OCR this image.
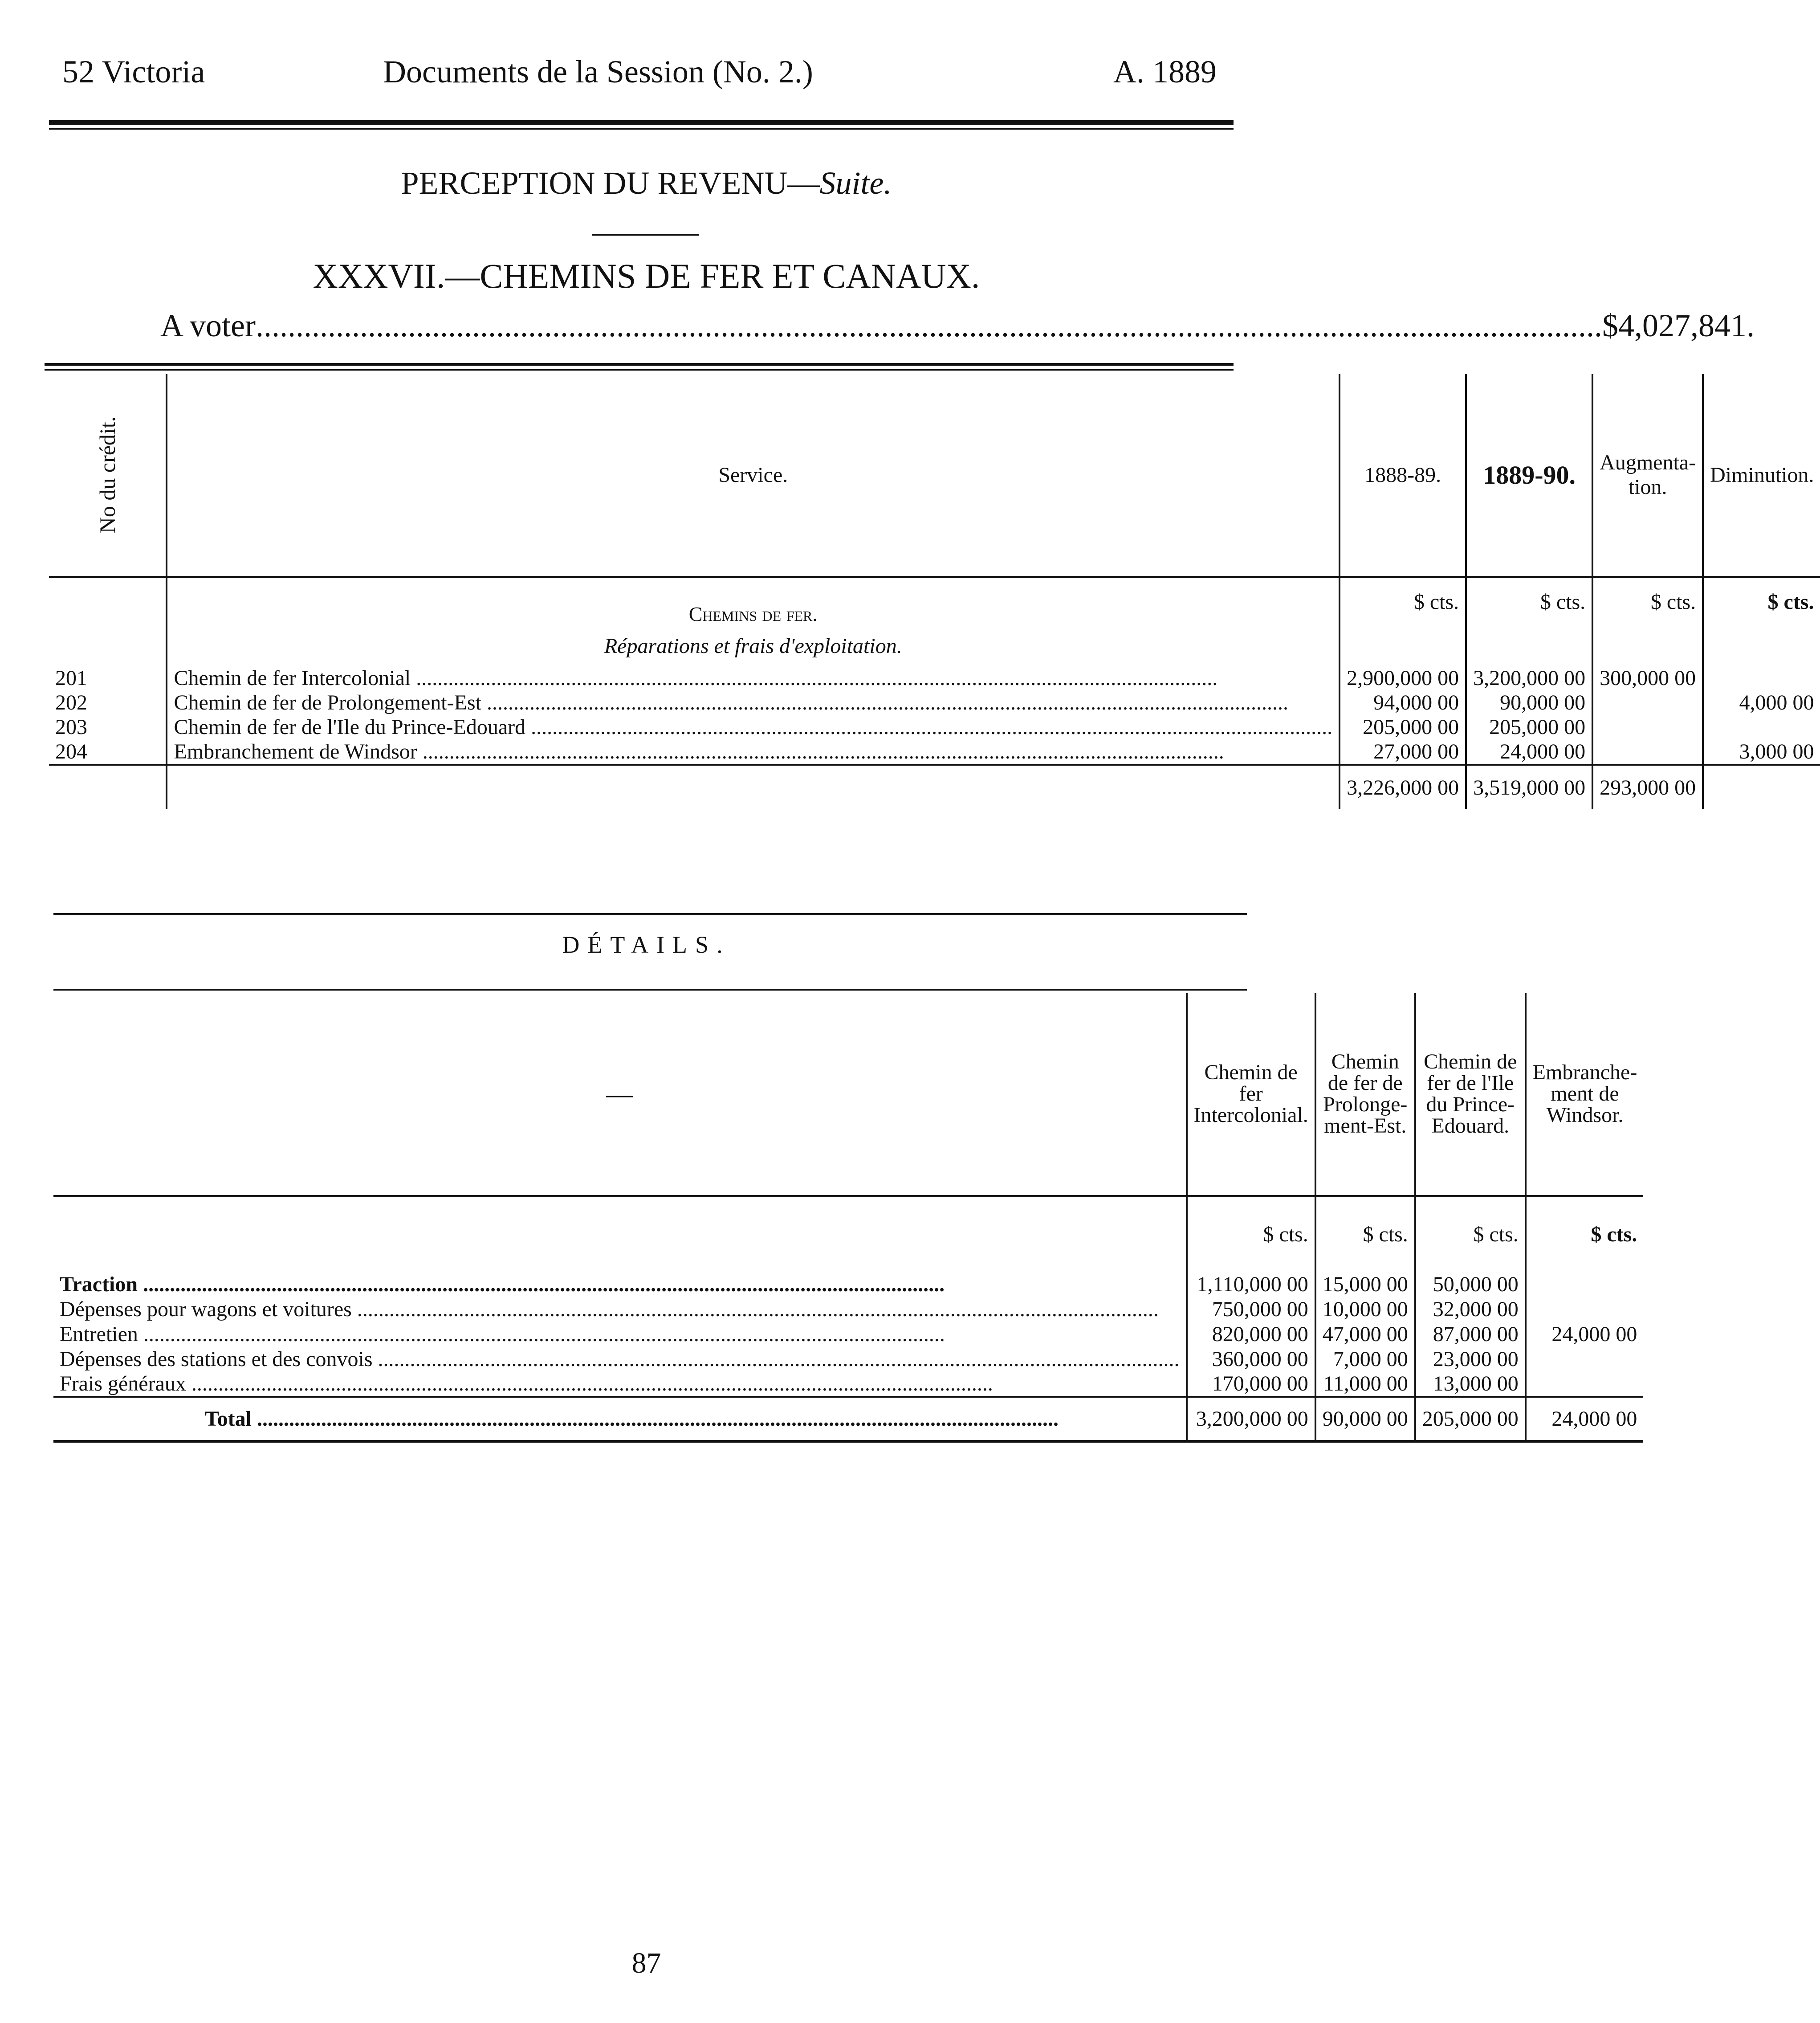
52 Victoria	Documents de la Session (No. 2.)	A. 1889
PERCEPTION DU REVENU—Suite.
XXXVII.—CHEMINS DE FER ET CANAUX.
A voter ........................................................................................................................................................................ $4,027,841.
No du crédit.	Service.	1888-89.	1889-90.	Augmenta-tion.	Diminution.
	Chemins de fer.	$ cts.	$ cts.	$ cts.	$ cts.
	Réparations et frais d'exploitation.				
201	Chemin de fer Intercolonial .....	2,900,000 00	3,200,000 00	300,000 00	
202	Chemin de fer de Prolongement-Est .....	94,000 00	90,000 00		4,000 00
203	Chemin de fer de l'Ile du Prince-Edouard .....	205,000 00	205,000 00		
204	Embranchement de Windsor .....	27,000 00	24,000 00		3,000 00
		3,226,000 00	3,519,000 00	293,000 00	
DÉTAILS.
—	Chemin de fer Intercolonial.	Chemin de fer de Prolonge-ment-Est.	Chemin de fer de l'Ile du Prince-Edouard.	Embranche-ment de Windsor.
	$ cts.	$ cts.	$ cts.	$ cts.
Traction .....	1,110,000 00	15,000 00	50,000 00	
Dépenses pour wagons et voitures .....	750,000 00	10,000 00	32,000 00	
Entretien .....	820,000 00	47,000 00	87,000 00	24,000 00
Dépenses des stations et des convois .....	360,000 00	7,000 00	23,000 00	
Frais généraux .....	170,000 00	11,000 00	13,000 00	
Total .....	3,200,000 00	90,000 00	205,000 00	24,000 00
87
